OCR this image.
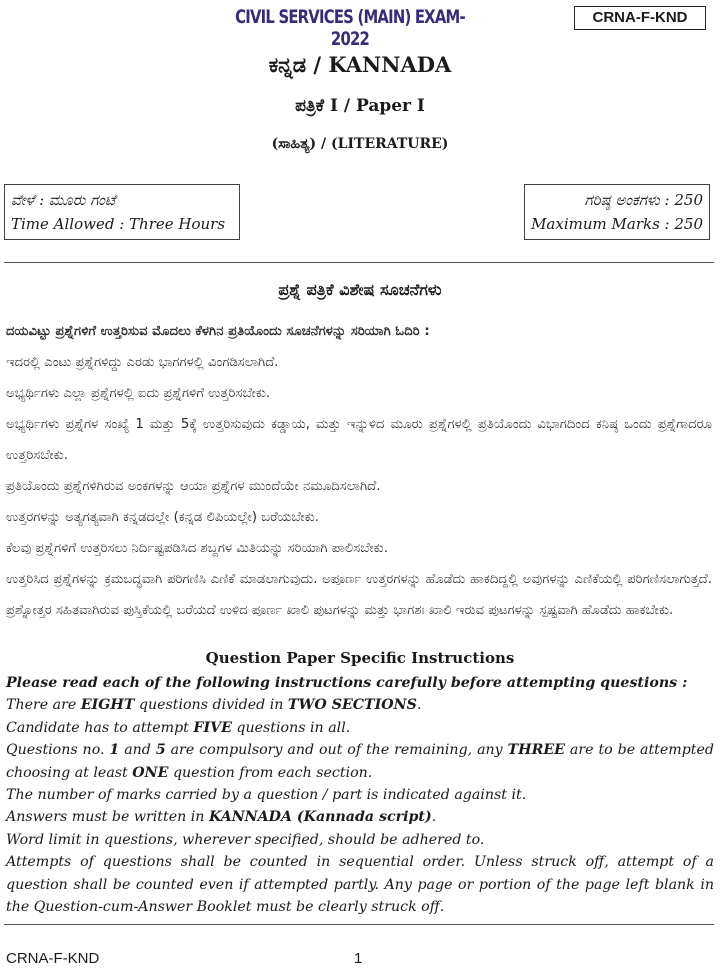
CIVIL SERVICES (MAIN) EXAM-2022
CRNA-F-KND
ಕನ್ನಡ / KANNADA
ಪತ್ರಿಕೆ I / Paper I
(ಸಾಹಿತ್ಯ) / (LITERATURE)
ವೇಳೆ : ಮೂರು ಗಂಟೆ
Time Allowed : Three Hours
ಗರಿಷ್ಠ ಅಂಕಗಳು : 250
Maximum Marks : 250
ಪ್ರಶ್ನೆ ಪತ್ರಿಕೆ ವಿಶೇಷ ಸೂಚನೆಗಳು

ದಯವಿಟ್ಟು ಪ್ರಶ್ನೆಗಳಿಗೆ ಉತ್ತರಿಸುವ ಮೊದಲು ಕೆಳಗಿನ ಪ್ರತಿಯೊಂದು ಸೂಚನೆಗಳನ್ನು ಸರಿಯಾಗಿ ಓದಿರಿ :

ಇದರಲ್ಲಿ ಎಂಟು ಪ್ರಶ್ನೆಗಳಿದ್ದು ಎರಡು ಭಾಗಗಳಲ್ಲಿ ವಿಂಗಡಿಸಲಾಗಿದೆ.

ಅಭ್ಯರ್ಥಿಗಳು ಎಲ್ಲಾ ಪ್ರಶ್ನೆಗಳಲ್ಲಿ ಐದು ಪ್ರಶ್ನೆಗಳಿಗೆ ಉತ್ತರಿಸಬೇಕು.

ಅಭ್ಯರ್ಥಿಗಳು ಪ್ರಶ್ನೆಗಳ ಸಂಖ್ಯೆ 1 ಮತ್ತು 5ಕ್ಕೆ ಉತ್ತರಿಸುವುದು ಕಡ್ಡಾಯ, ಮತ್ತು ಇನ್ನುಳಿದ ಮೂರು ಪ್ರಶ್ನೆಗಳಲ್ಲಿ ಪ್ರತಿಯೊಂದು ವಿಭಾಗದಿಂದ ಕನಿಷ್ಠ ಒಂದು ಪ್ರಶ್ನೆಗಾದರೂ ಉತ್ತರಿಸಬೇಕು.

ಪ್ರತಿಯೊಂದು ಪ್ರಶ್ನೆಗಳಿಗಿರುವ ಅಂಕಗಳನ್ನು ಆಯಾ ಪ್ರಶ್ನೆಗಳ ಮುಂದೆಯೇ ನಮೂದಿಸಲಾಗಿದೆ.

ಉತ್ತರಗಳನ್ನು ಅತ್ಯಗತ್ಯವಾಗಿ ಕನ್ನಡದಲ್ಲೇ (ಕನ್ನಡ ಲಿಪಿಯಲ್ಲೇ) ಬರೆಯಬೇಕು.

ಕೆಲವು ಪ್ರಶ್ನೆಗಳಿಗೆ ಉತ್ತರಿಸಲು ನಿರ್ದಿಷ್ಟಪಡಿಸಿದ ಶಬ್ದಗಳ ಮಿತಿಯನ್ನು ಸರಿಯಾಗಿ ಪಾಲಿಸಬೇಕು.

ಉತ್ತರಿಸಿದ ಪ್ರಶ್ನೆಗಳನ್ನು ಕ್ರಮಬದ್ಧವಾಗಿ ಪರಿಗಣಿಸಿ ಎಣಿಕೆ ಮಾಡಲಾಗುವುದು. ಅಪೂರ್ಣ ಉತ್ತರಗಳನ್ನು ಹೊಡೆದು ಹಾಕದಿದ್ದಲ್ಲಿ ಅವುಗಳನ್ನು ಎಣಿಕೆಯಲ್ಲಿ ಪರಿಗಣಿಸಲಾಗುತ್ತದೆ. ಪ್ರಶ್ನೋತ್ತರ ಸಹಿತವಾಗಿರುವ ಪುಸ್ತಿಕೆಯಲ್ಲಿ ಬರೆಯದೆ ಉಳಿದ ಪೂರ್ಣ ಖಾಲಿ ಪುಟಗಳನ್ನು ಮತ್ತು ಭಾಗಶಃ ಖಾಲಿ ಇರುವ ಪುಟಗಳನ್ನು ಸ್ಪಷ್ಟವಾಗಿ ಹೊಡೆದು ಹಾಕಬೇಕು.

Question Paper Specific Instructions

Please read each of the following instructions carefully before attempting questions :

There are EIGHT questions divided in TWO SECTIONS.

Candidate has to attempt FIVE questions in all.

Questions no. 1 and 5 are compulsory and out of the remaining, any THREE are to be attempted choosing at least ONE question from each section.

The number of marks carried by a question / part is indicated against it.

Answers must be written in KANNADA (Kannada script).

Word limit in questions, wherever specified, should be adhered to.

Attempts of questions shall be counted in sequential order. Unless struck off, attempt of a question shall be counted even if attempted partly. Any page or portion of the page left blank in the Question-cum-Answer Booklet must be clearly struck off.

CRNA-F-KND	1
